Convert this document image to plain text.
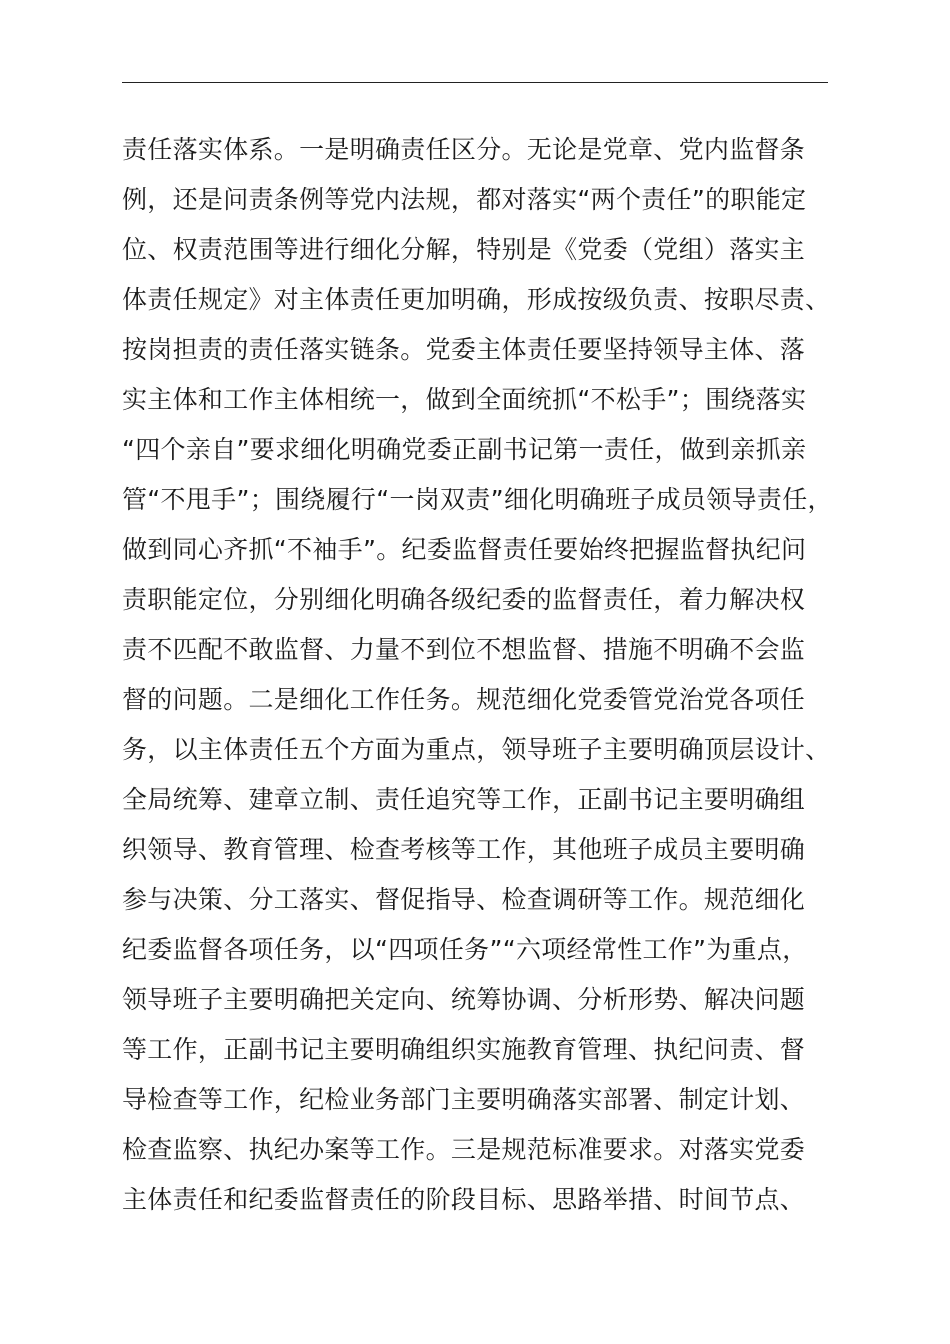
责任落实体系。一是明确责任区分。无论是党章、党内监督条
例，还是问责条例等党内法规，都对落实“两个责任”的职能定
位、权责范围等进行细化分解，特别是《党委（党组）落实主
体责任规定》对主体责任更加明确，形成按级负责、按职尽责、
按岗担责的责任落实链条。党委主体责任要坚持领导主体、落
实主体和工作主体相统一，做到全面统抓“不松手”；围绕落实
“四个亲自”要求细化明确党委正副书记第一责任，做到亲抓亲
管“不甩手”；围绕履行“一岗双责”细化明确班子成员领导责任，
做到同心齐抓“不袖手”。纪委监督责任要始终把握监督执纪问
责职能定位，分别细化明确各级纪委的监督责任，着力解决权
责不匹配不敢监督、力量不到位不想监督、措施不明确不会监
督的问题。二是细化工作任务。规范细化党委管党治党各项任
务，以主体责任五个方面为重点，领导班子主要明确顶层设计、
全局统筹、建章立制、责任追究等工作，正副书记主要明确组
织领导、教育管理、检查考核等工作，其他班子成员主要明确
参与决策、分工落实、督促指导、检查调研等工作。规范细化
纪委监督各项任务，以“四项任务”“六项经常性工作”为重点，
领导班子主要明确把关定向、统筹协调、分析形势、解决问题
等工作，正副书记主要明确组织实施教育管理、执纪问责、督
导检查等工作，纪检业务部门主要明确落实部署、制定计划、
检查监察、执纪办案等工作。三是规范标准要求。对落实党委
主体责任和纪委监督责任的阶段目标、思路举措、时间节点、
